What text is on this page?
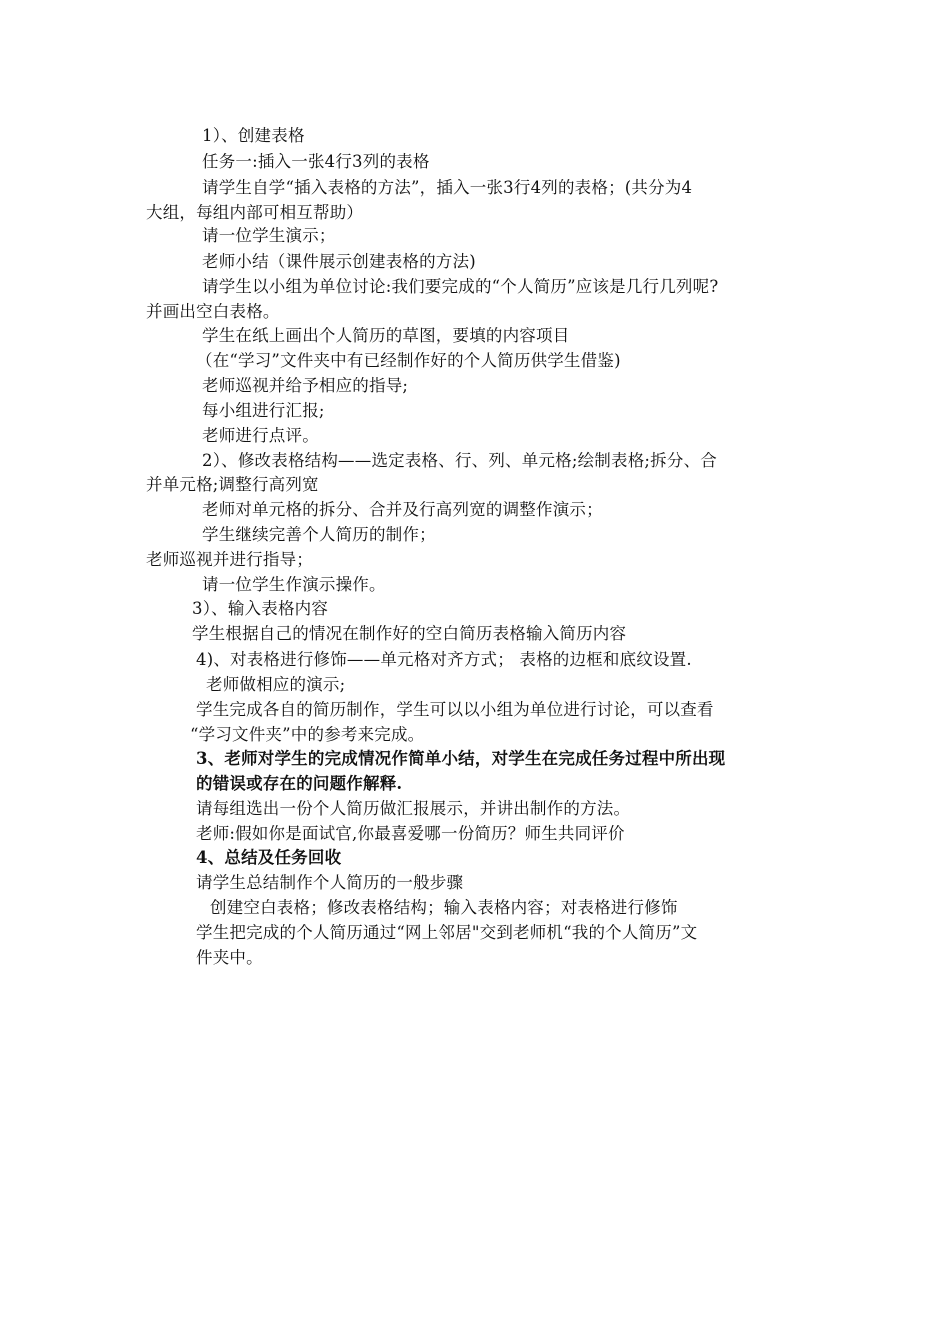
1）、创建表格
任务一:插入一张4行3列的表格
请学生自学“插入表格的方法”，插入一张3行4列的表格；(共分为4
大组，每组内部可相互帮助）
请一位学生演示；
老师小结（课件展示创建表格的方法)
请学生以小组为单位讨论:我们要完成的“个人简历”应该是几行几列呢?
并画出空白表格。
学生在纸上画出个人简历的草图，要填的内容项目
（在“学习”文件夹中有已经制作好的个人简历供学生借鉴)
老师巡视并给予相应的指导;
每小组进行汇报;
老师进行点评。
2）、修改表格结构——选定表格、行、列、单元格;绘制表格;拆分、合
并单元格;调整行高列宽
老师对单元格的拆分、合并及行高列宽的调整作演示；
学生继续完善个人简历的制作；
老师巡视并进行指导；
请一位学生作演示操作。
3）、输入表格内容
学生根据自己的情况在制作好的空白简历表格输入简历内容
4)、对表格进行修饰——单元格对齐方式； 表格的边框和底纹设置.
老师做相应的演示;
学生完成各自的简历制作，学生可以以小组为单位进行讨论，可以查看
“学习文件夹”中的参考来完成。
3、老师对学生的完成情况作简单小结，对学生在完成任务过程中所出现
的错误或存在的问题作解释.
请每组选出一份个人简历做汇报展示，并讲出制作的方法。
老师:假如你是面试官,你最喜爱哪一份简历？师生共同评价
4、总结及任务回收
请学生总结制作个人简历的一般步骤
创建空白表格；修改表格结构；输入表格内容；对表格进行修饰
学生把完成的个人简历通过“网上邻居"交到老师机“我的个人简历”文
件夹中。
